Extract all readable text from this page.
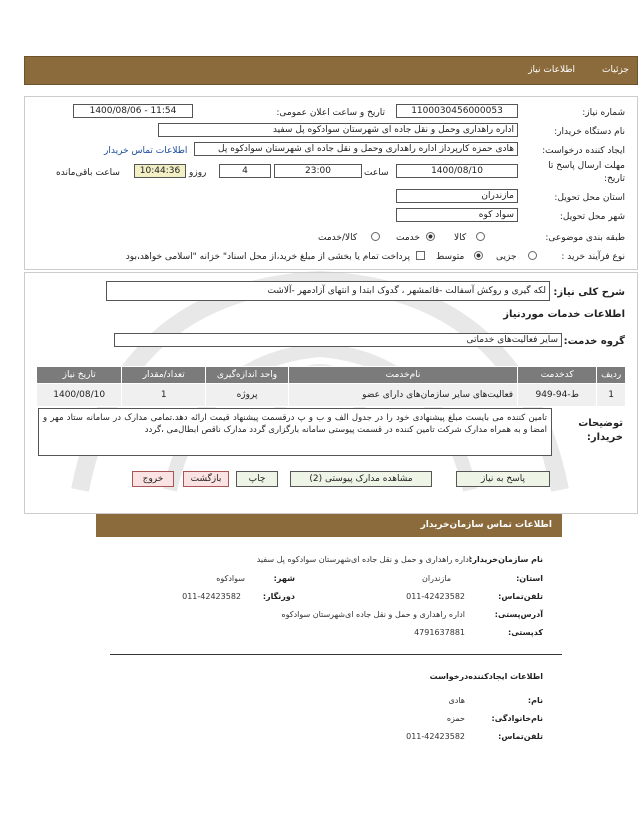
اطلاعات نیاز	جزئیات
شماره نیاز:
1100030456000053
تاریخ و ساعت اعلان عمومی:
1400/08/06 - 11:54
نام دستگاه خریدار:
اداره راهداری وحمل و نقل جاده ای شهرستان سوادکوه پل سفید
ایجاد کننده درخواست:
هادی حمزه کارپرداز اداره راهداری وحمل و نقل جاده ای شهرستان سوادکوه پل
اطلاعات تماس خریدار
مهلت ارسال پاسخ تا
تاریخ:
1400/08/10
ساعت
23:00
4
روزو
10:44:36
ساعت باقی‌مانده
استان محل تحویل:
مازندران
شهر محل تحویل:
سواد کوه
طبقه بندی موضوعی:
کالا
خدمت
کالا/خدمت
نوع فرآیند خرید :
جزیی
متوسط
پرداخت تمام یا بخشی از مبلغ خرید،از محل اسناد" خزانه "اسلامی خواهد،بود
شرح کلی نیاز:
لکه گیری و روکش آسفالت -قائمشهر ، گدوک ابتدا و انتهای آزادمهر -آلاشت
اطلاعات خدمات مورد‌نیاز
گروه خدمت:
سایر فعالیت‌های خدماتی
ردیف	کدخدمت	نام‌خدمت	واحد اندازه‌گیری	تعداد/مقدار	تاریخ نیاز
1	ط-94-949	فعالیت‌های سایر سازمان‌های دارای عضو	پروژه	1	1400/08/10
توضیحات
خریدار:
تامین کننده می بایست مبلغ پیشنهادی خود را در جدول الف و ب و پ درقسمت پیشنهاد قیمت ارائه دهد.تمامی مدارک در سامانه ستاد مهر و امضا و به همراه مدارک شرکت تامین کننده در قسمت پیوستی سامانه بارگزاری گردد مدارک ناقص ابطال‌می ،گردد
پاسخ به نیاز
مشاهده مدارک پیوستی (2)
چاپ
بازگشت
خروج
اطلاعات تماس سازمان‌خریدار
نام سازمان‌خریدار:
اداره راهداری و حمل و نقل جاده ای‌شهرستان سوادکوه پل سفید
استان:
مازندران
شهر:
سوادکوه
تلفن‌تماس:
011-42423582
دورنگار:
011-42423582
آدرس‌پستی:
اداره راهداری و حمل و نقل جاده ای‌شهرستان سوادکوه
کدپستی:
4791637881
اطلاعات ایجاد‌کننده‌درخواست
نام:
هادی
نام‌خانوادگی:
حمزه
تلفن‌تماس:
011-42423582
